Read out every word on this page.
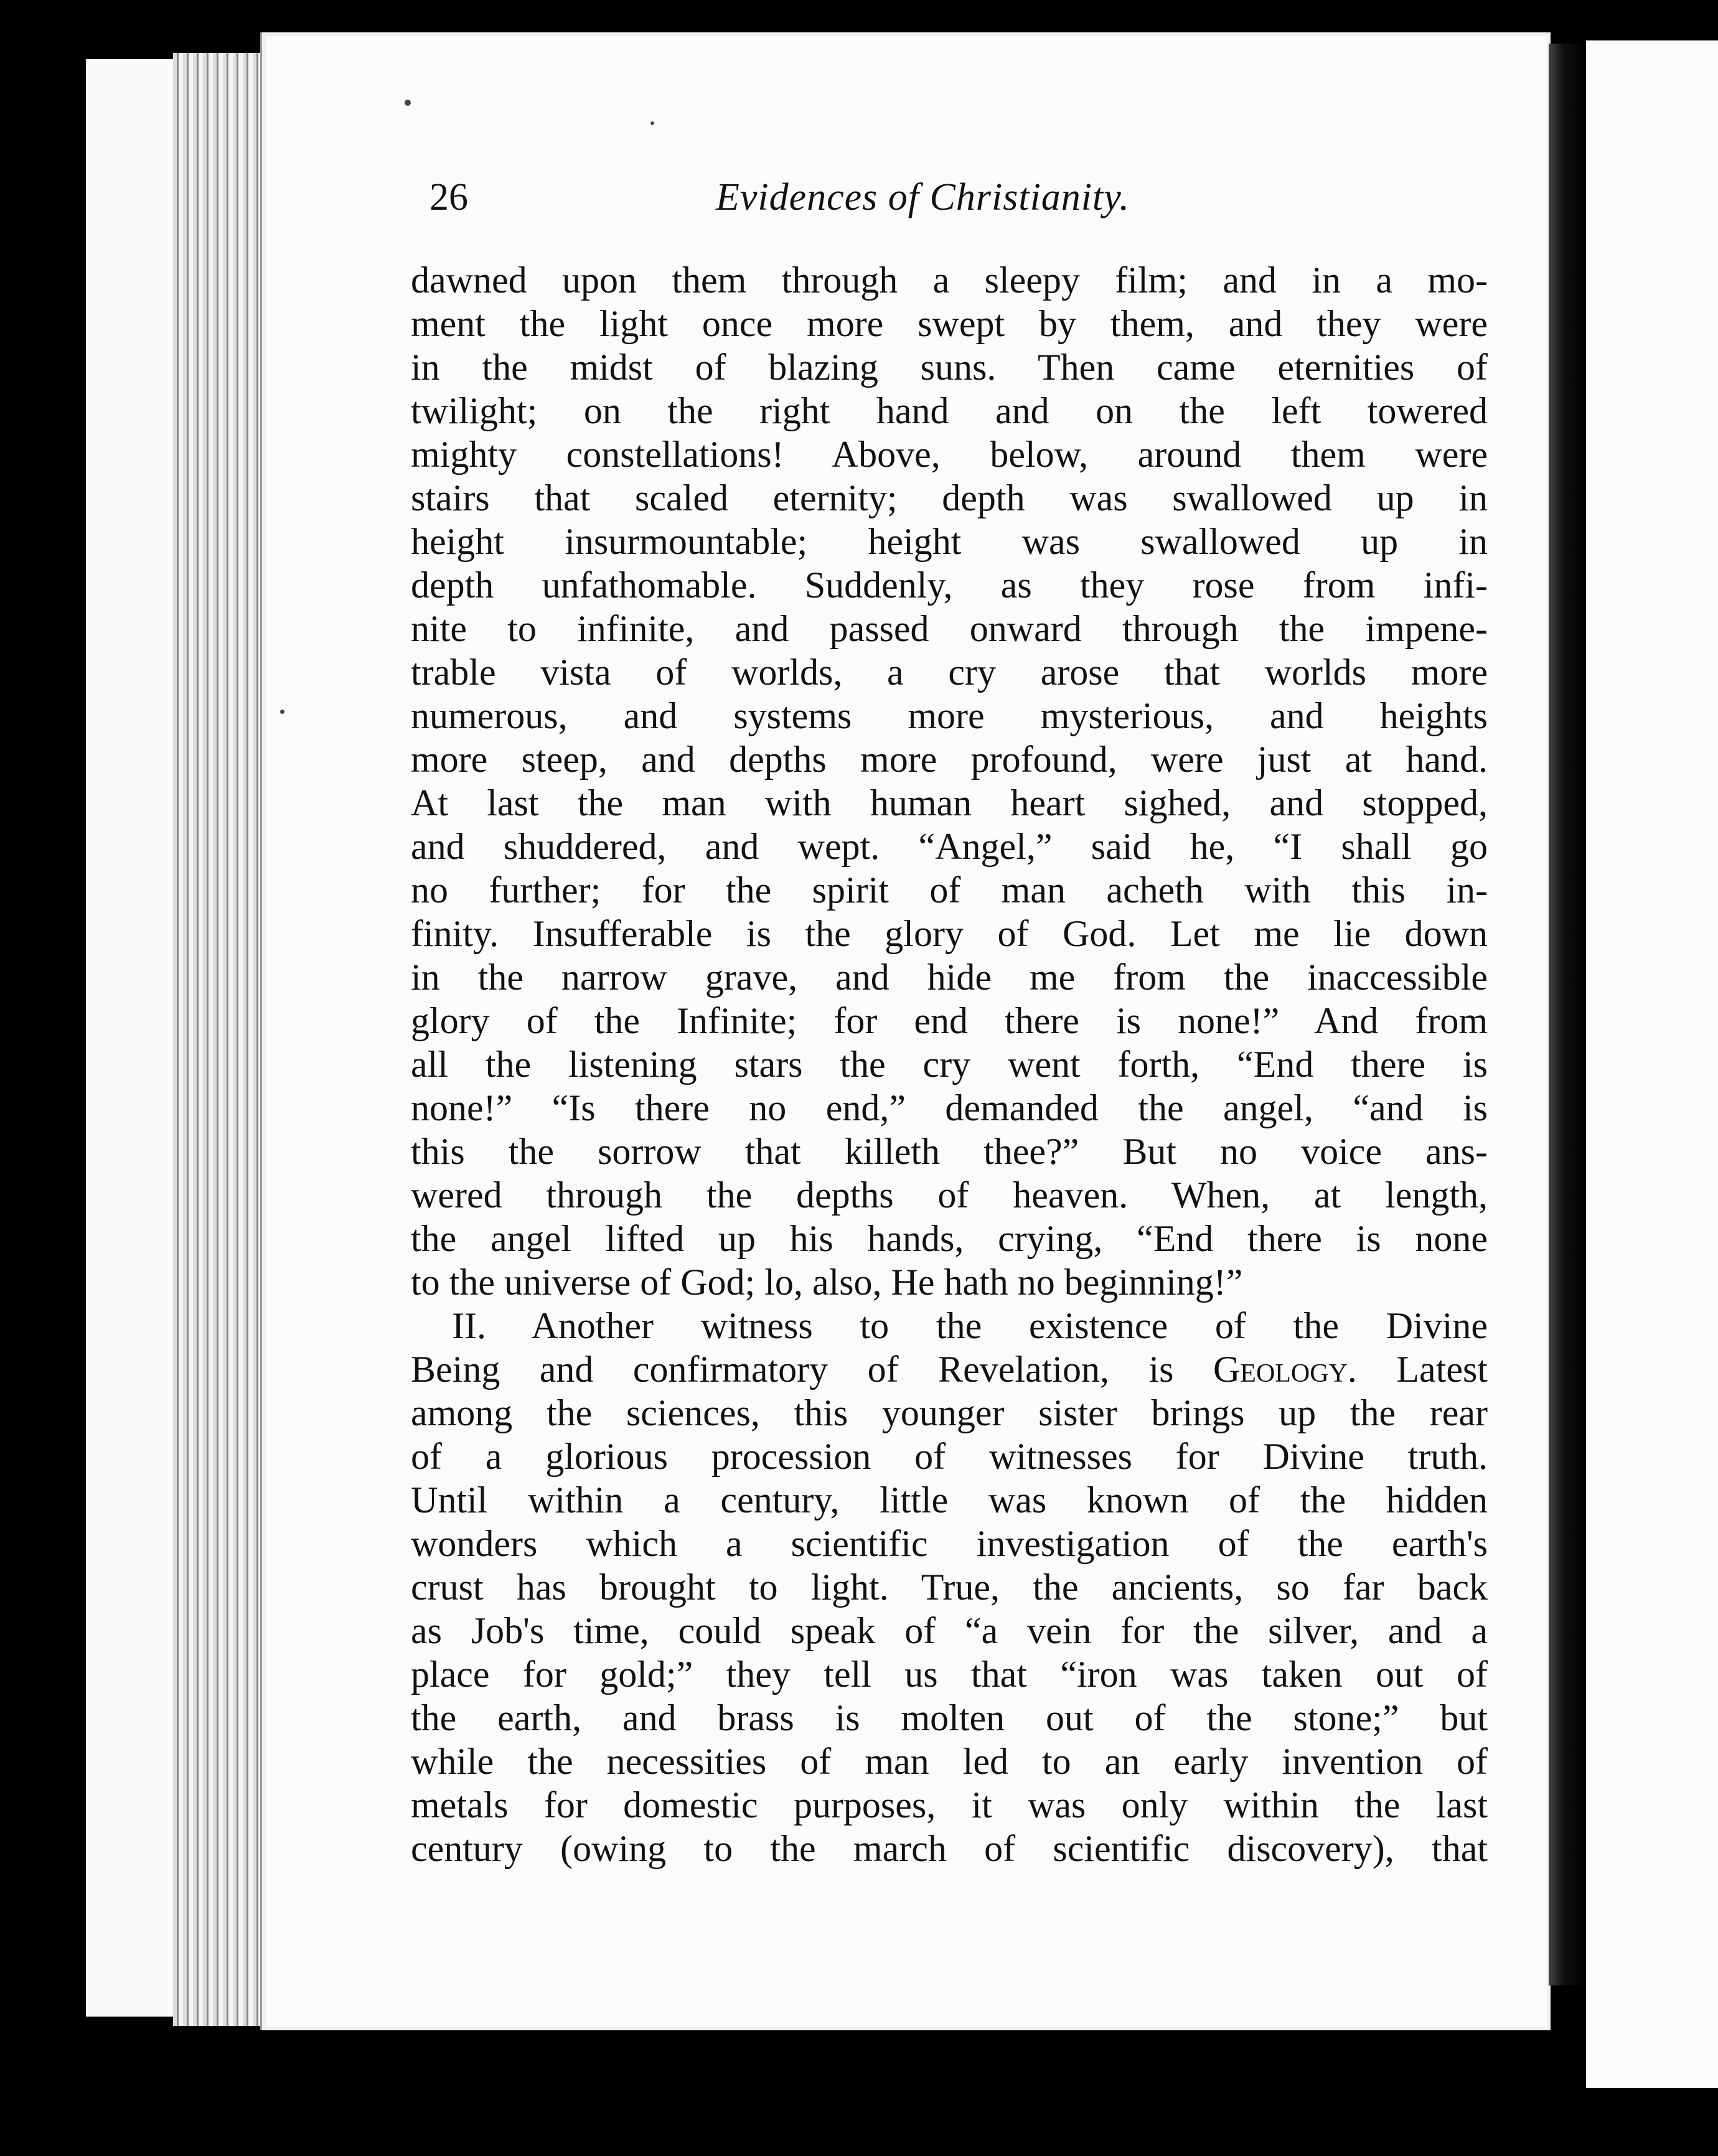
26	Evidences of Christianity.
dawned upon them through a sleepy film; and in a mo-
ment the light once more swept by them, and they were
in the midst of blazing suns. Then came eternities of
twilight; on the right hand and on the left towered
mighty constellations! Above, below, around them were
stairs that scaled eternity; depth was swallowed up in
height insurmountable; height was swallowed up in
depth unfathomable. Suddenly, as they rose from infi-
nite to infinite, and passed onward through the impene-
trable vista of worlds, a cry arose that worlds more
numerous, and systems more mysterious, and heights
more steep, and depths more profound, were just at hand.
At last the man with human heart sighed, and stopped,
and shuddered, and wept. “Angel,” said he, “I shall go
no further; for the spirit of man acheth with this in-
finity. Insufferable is the glory of God. Let me lie down
in the narrow grave, and hide me from the inaccessible
glory of the Infinite; for end there is none!” And from
all the listening stars the cry went forth, “End there is
none!” “Is there no end,” demanded the angel, “and is
this the sorrow that killeth thee?” But no voice ans-
wered through the depths of heaven. When, at length,
the angel lifted up his hands, crying, “End there is none
to the universe of God; lo, also, He hath no beginning!”
II. Another witness to the existence of the Divine
Being and confirmatory of Revelation, is Geology. Latest
among the sciences, this younger sister brings up the rear
of a glorious procession of witnesses for Divine truth.
Until within a century, little was known of the hidden
wonders which a scientific investigation of the earth's
crust has brought to light. True, the ancients, so far back
as Job's time, could speak of “a vein for the silver, and a
place for gold;” they tell us that “iron was taken out of
the earth, and brass is molten out of the stone;” but
while the necessities of man led to an early invention of
metals for domestic purposes, it was only within the last
century (owing to the march of scientific discovery), that
